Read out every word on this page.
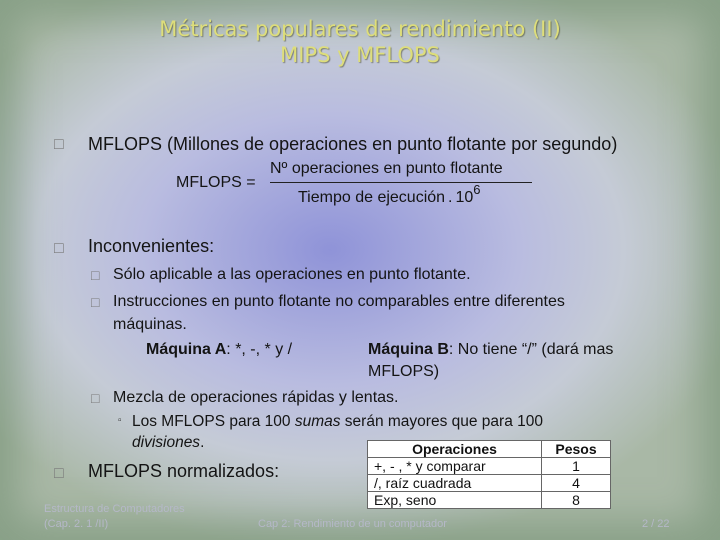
Métricas populares de rendimiento (II)
MIPS y MFLOPS
□ MFLOPS (Millones de operaciones en punto flotante por segundo)
MFLOPS =
Nº operaciones en punto flotante
Tiempo de ejecución . $10^6$
□ Inconvenientes:
□ Sólo aplicable a las operaciones en punto flotante.
□ Instrucciones en punto flotante no comparables entre diferentes
máquinas.
Máquina A: *, -, * y /	Máquina B: No tiene “/” (dará mas
MFLOPS)
□ Mezcla de operaciones rápidas y lentas.
▫ Los MFLOPS para 100 sumas serán mayores que para 100
divisiones.
□ MFLOPS normalizados:
Operaciones	Pesos
+, - , * y comparar	1
/, raíz cuadrada	4
Exp, seno	8
Estructura de Computadores
(Cap. 2. 1 /II)	Cap 2: Rendimiento de un computador	2 / 22
